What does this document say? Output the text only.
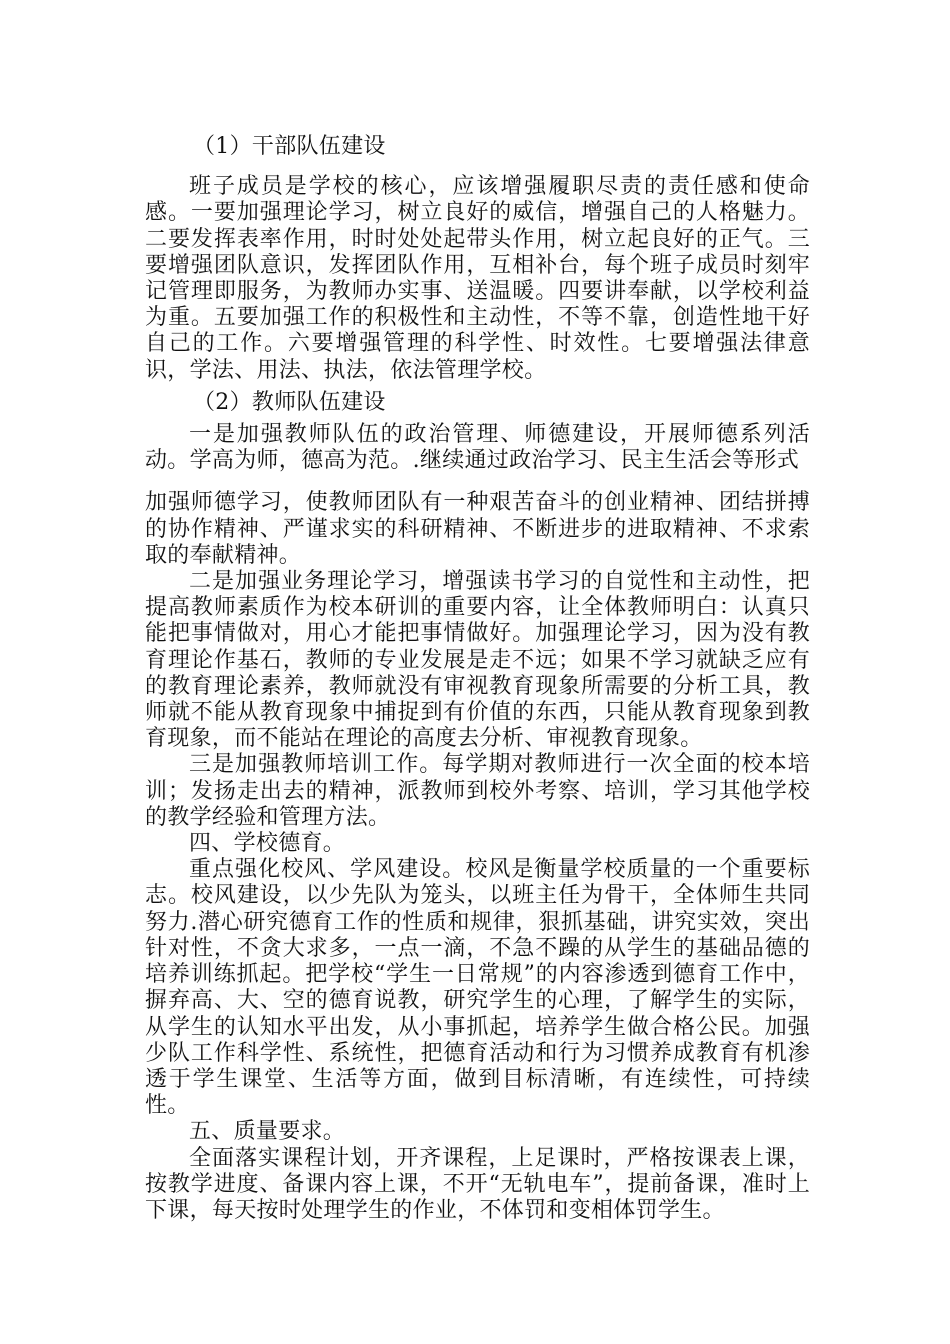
（1）干部队伍建设

班子成员是学校的核心，应该增强履职尽责的责任感和使命感。一要加强理论学习，树立良好的威信，增强自己的人格魅力。二要发挥表率作用，时时处处起带头作用，树立起良好的正气。三要增强团队意识，发挥团队作用，互相补台，每个班子成员时刻牢记管理即服务，为教师办实事、送温暖。四要讲奉献，以学校利益为重。五要加强工作的积极性和主动性，不等不靠，创造性地干好自己的工作。六要增强管理的科学性、时效性。七要增强法律意识，学法、用法、执法，依法管理学校。

（2）教师队伍建设

一是加强教师队伍的政治管理、师德建设，开展师德系列活动。学高为师，德高为范。.继续通过政治学习、民主生活会等形式

加强师德学习，使教师团队有一种艰苦奋斗的创业精神、团结拼搏的协作精神、严谨求实的科研精神、不断进步的进取精神、不求索取的奉献精神。

二是加强业务理论学习，增强读书学习的自觉性和主动性，把提高教师素质作为校本研训的重要内容，让全体教师明白：认真只能把事情做对，用心才能把事情做好。加强理论学习，因为没有教育理论作基石，教师的专业发展是走不远；如果不学习就缺乏应有的教育理论素养，教师就没有审视教育现象所需要的分析工具，教师就不能从教育现象中捕捉到有价值的东西，只能从教育现象到教育现象，而不能站在理论的高度去分析、审视教育现象。

三是加强教师培训工作。每学期对教师进行一次全面的校本培训；发扬走出去的精神，派教师到校外考察、培训，学习其他学校的教学经验和管理方法。

四、学校德育。

重点强化校风、学风建设。校风是衡量学校质量的一个重要标志。校风建设，以少先队为笼头，以班主任为骨干，全体师生共同努力.潜心研究德育工作的性质和规律，狠抓基础，讲究实效，突出针对性，不贪大求多，一点一滴，不急不躁的从学生的基础品德的培养训练抓起。把学校“学生一日常规”的内容渗透到德育工作中，摒弃高、大、空的德育说教，研究学生的心理，了解学生的实际，从学生的认知水平出发，从小事抓起，培养学生做合格公民。加强　少队工作科学性、系统性，把德育活动和行为习惯养成教育有机渗透于学生课堂、生活等方面，做到目标清晰，有连续性，可持续性。

五、质量要求。

全面落实课程计划，开齐课程，上足课时，严格按课表上课，按教学进度、备课内容上课，不开“无轨电车”，提前备课，准时上下课，每天按时处理学生的作业，不体罚和变相体罚学生。
